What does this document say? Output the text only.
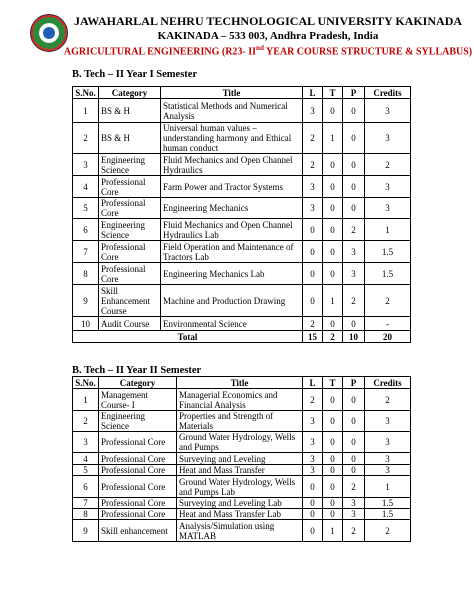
JAWAHARLAL NEHRU TECHNOLOGICAL UNIVERSITY KAKINADA
KAKINADA – 533 003, Andhra Pradesh, India
AGRICULTURAL ENGINEERING (R23- IInd YEAR COURSE STRUCTURE & SYLLABUS)
B. Tech – II Year I Semester
S.No.	Category	Title	L	T	P	Credits
1	BS & H	Statistical Methods and Numerical Analysis	3	0	0	3
2	BS & H	Universal human values – understanding harmony and Ethical human conduct	2	1	0	3
3	Engineering Science	Fluid Mechanics and Open Channel Hydraulics	2	0	0	2
4	Professional Core	Farm Power and Tractor Systems	3	0	0	3
5	Professional Core	Engineering Mechanics	3	0	0	3
6	Engineering Science	Fluid Mechanics and Open Channel Hydraulics Lab	0	0	2	1
7	Professional Core	Field Operation and Maintenance of Tractors Lab	0	0	3	1.5
8	Professional Core	Engineering Mechanics Lab	0	0	3	1.5
9	Skill Enhancement Course	Machine and Production Drawing	0	1	2	2
10	Audit Course	Environmental Science	2	0	0	-
Total			15	2	10	20
B. Tech – II Year II Semester
S.No.	Category	Title	L	T	P	Credits
1	Management Course- I	Managerial Economics and Financial Analysis	2	0	0	2
2	Engineering Science	Properties and Strength of Materials	3	0	0	3
3	Professional Core	Ground Water Hydrology, Wells and Pumps	3	0	0	3
4	Professional Core	Surveying and Leveling	3	0	0	3
5	Professional Core	Heat and Mass Transfer	3	0	0	3
6	Professional Core	Ground Water Hydrology, Wells and Pumps Lab	0	0	2	1
7	Professional Core	Surveying and Leveling Lab	0	0	3	1.5
8	Professional Core	Heat and Mass Transfer Lab	0	0	3	1.5
9	Skill enhancement	Analysis/Simulation using MATLAB	0	1	2	2
